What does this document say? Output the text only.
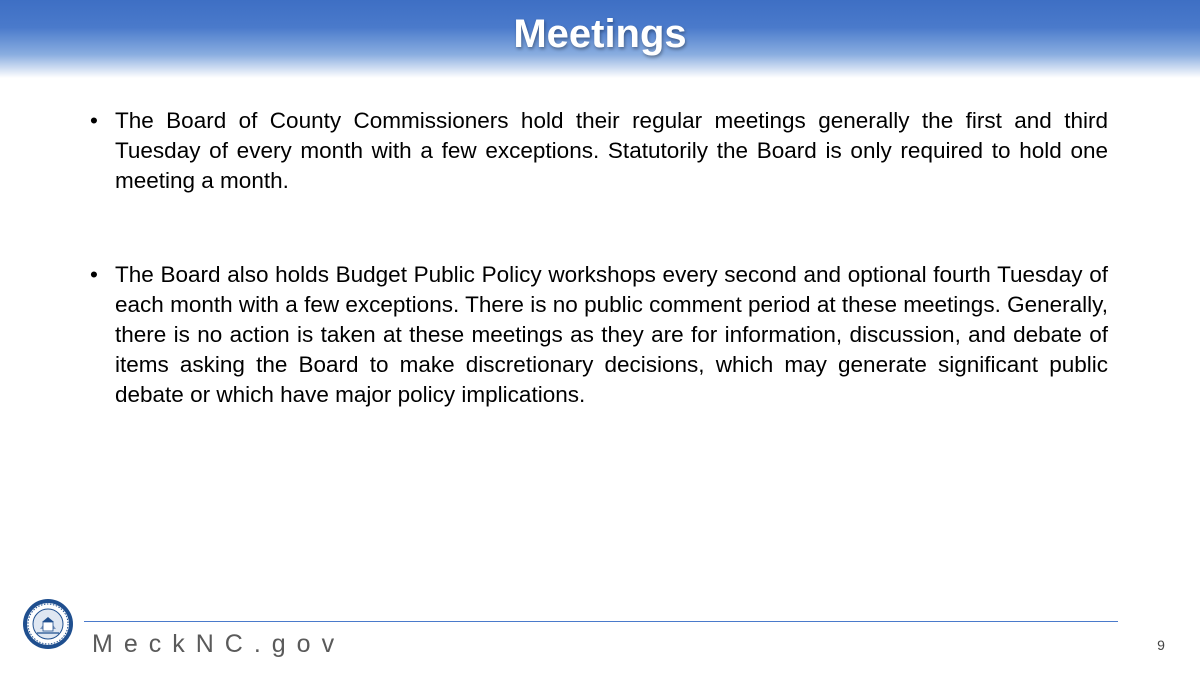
Meetings
• The Board of County Commissioners hold their regular meetings generally the first and third Tuesday of every month with a few exceptions. Statutorily the Board is only required to hold one meeting a month.
• The Board also holds Budget Public Policy workshops every second and optional fourth Tuesday of each month with a few exceptions. There is no public comment period at these meetings. Generally, there is no action is taken at these meetings as they are for information, discussion, and debate of items asking the Board to make discretionary decisions, which may generate significant public debate or which have major policy implications.
MeckNC.gov	9
